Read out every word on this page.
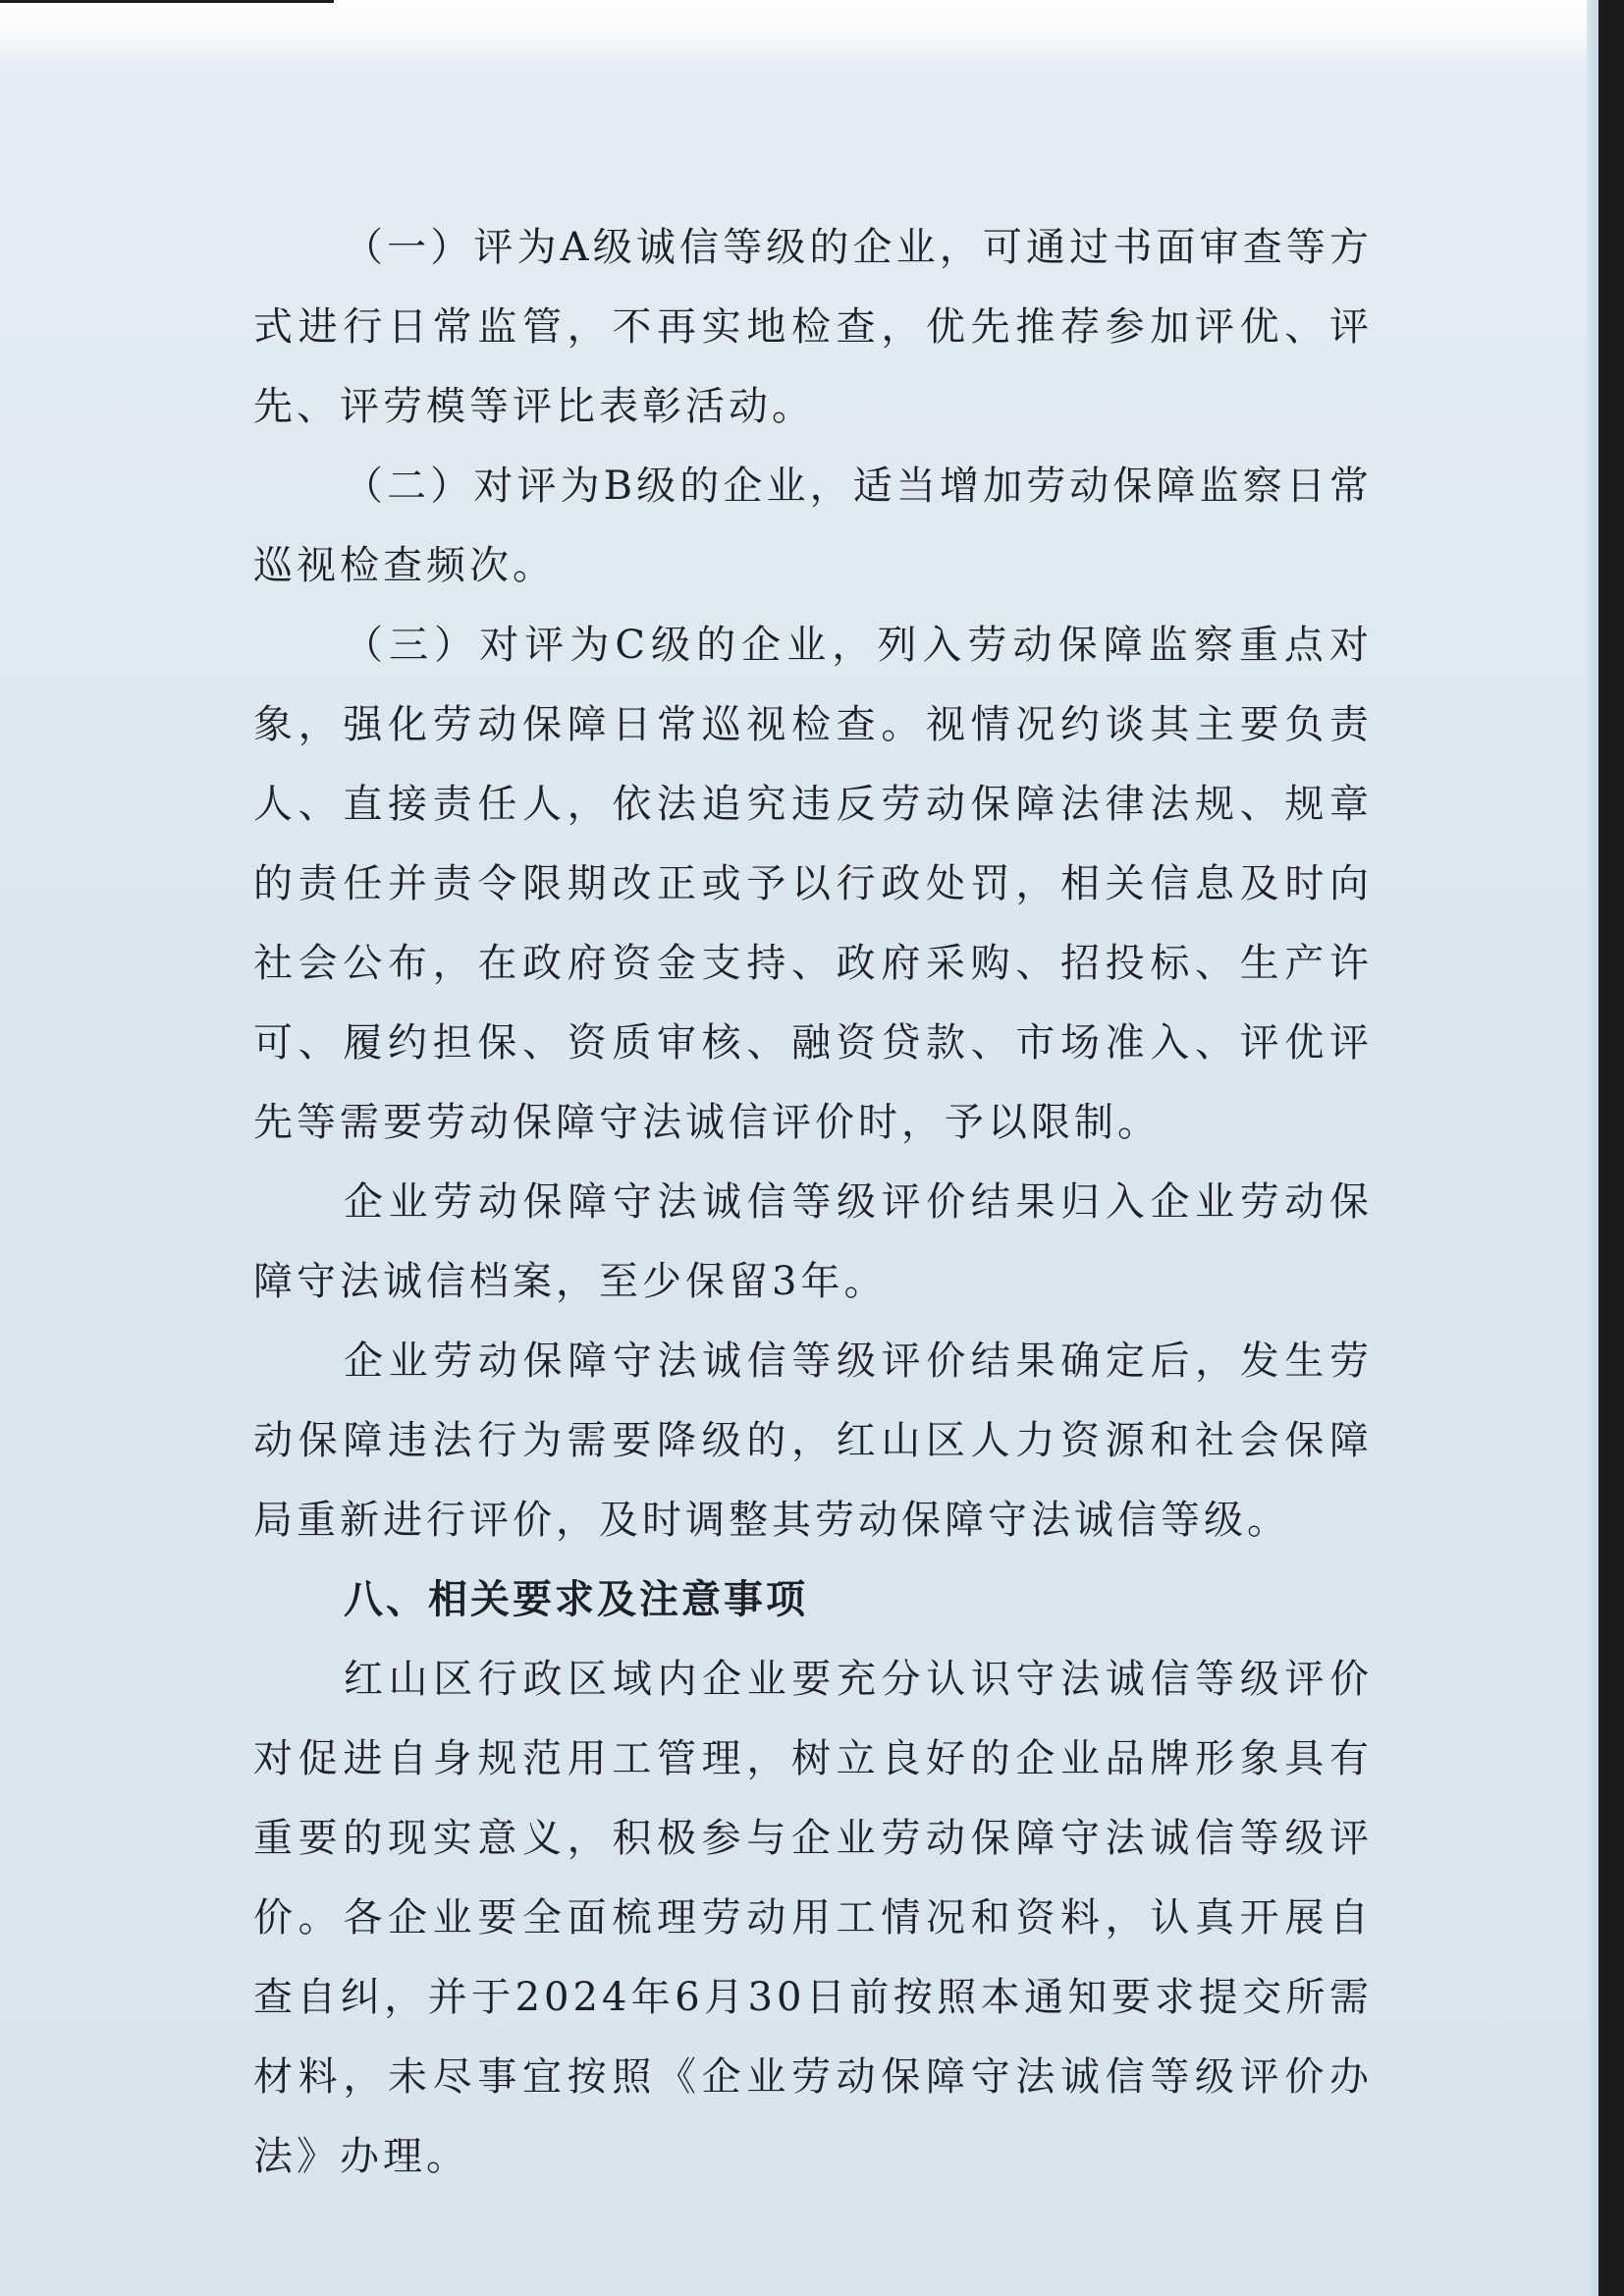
（一）评为A级诚信等级的企业，可通过书面审查等方式进行日常监管，不再实地检查，优先推荐参加评优、评先、评劳模等评比表彰活动。

（二）对评为B级的企业，适当增加劳动保障监察日常巡视检查频次。

（三）对评为C级的企业，列入劳动保障监察重点对象，强化劳动保障日常巡视检查。视情况约谈其主要负责人、直接责任人，依法追究违反劳动保障法律法规、规章的责任并责令限期改正或予以行政处罚，相关信息及时向社会公布，在政府资金支持、政府采购、招投标、生产许可、履约担保、资质审核、融资贷款、市场准入、评优评先等需要劳动保障守法诚信评价时，予以限制。

企业劳动保障守法诚信等级评价结果归入企业劳动保障守法诚信档案，至少保留3年。

企业劳动保障守法诚信等级评价结果确定后，发生劳动保障违法行为需要降级的，红山区人力资源和社会保障局重新进行评价，及时调整其劳动保障守法诚信等级。

八、相关要求及注意事项

红山区行政区域内企业要充分认识守法诚信等级评价对促进自身规范用工管理，树立良好的企业品牌形象具有重要的现实意义，积极参与企业劳动保障守法诚信等级评价。各企业要全面梳理劳动用工情况和资料，认真开展自查自纠，并于2024年6月30日前按照本通知要求提交所需材料，未尽事宜按照《企业劳动保障守法诚信等级评价办法》办理。
